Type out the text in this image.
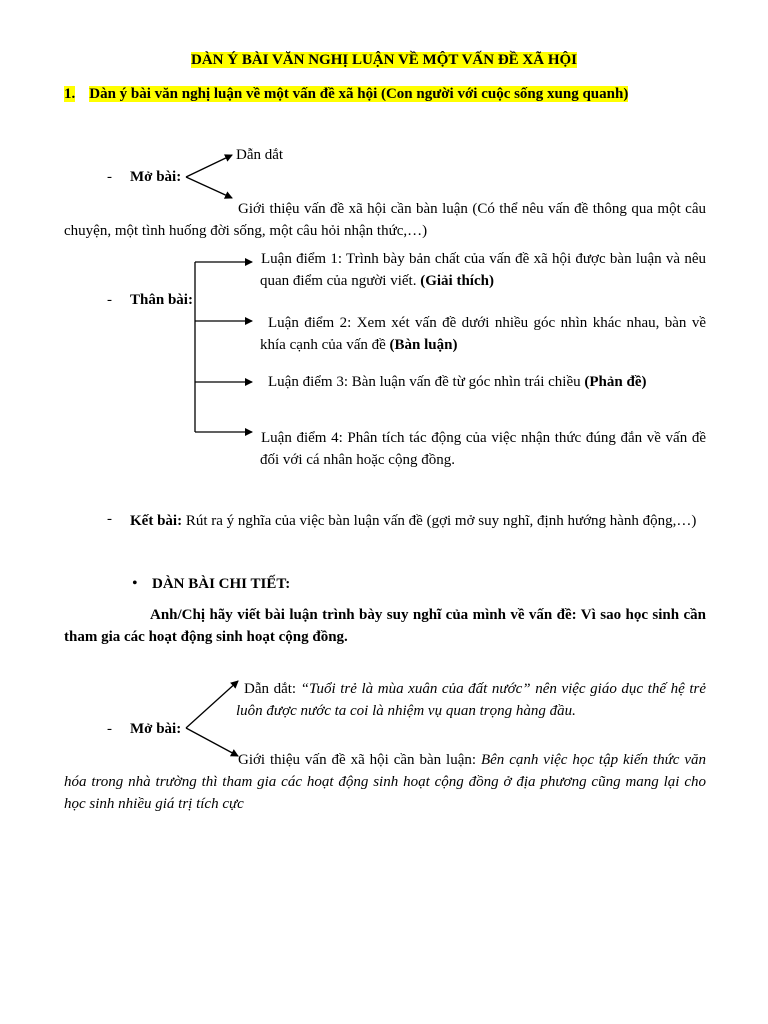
DÀN Ý BÀI VĂN NGHỊ LUẬN VỀ MỘT VẤN ĐỀ XÃ HỘI
1. Dàn ý bài văn nghị luận về một vấn đề xã hội (Con người với cuộc sống xung quanh)
- Mở bài:
Dẫn dắt
Giới thiệu vấn đề xã hội cần bàn luận (Có thể nêu vấn đề thông qua một câu chuyện, một tình huống đời sống, một câu hỏi nhận thức,…)
- Thân bài:
Luận điểm 1: Trình bày bản chất của vấn đề xã hội được bàn luận và nêu quan điểm của người viết. (Giải thích)
Luận điểm 2: Xem xét vấn đề dưới nhiều góc nhìn khác nhau, bàn về khía cạnh của vấn đề (Bàn luận)
Luận điểm 3: Bàn luận vấn đề từ góc nhìn trái chiều (Phản đề)
Luận điểm 4: Phân tích tác động của việc nhận thức đúng đắn về vấn đề đối với cá nhân hoặc cộng đồng.
- Kết bài: Rút ra ý nghĩa của việc bàn luận vấn đề (gợi mở suy nghĩ, định hướng hành động,…)
• DÀN BÀI CHI TIẾT:
Anh/Chị hãy viết bài luận trình bày suy nghĩ của mình về vấn đề: Vì sao học sinh cần tham gia các hoạt động sinh hoạt cộng đồng.
- Mở bài:
Dẫn dắt: “Tuổi trẻ là mùa xuân của đất nước” nên việc giáo dục thế hệ trẻ luôn được nước ta coi là nhiệm vụ quan trọng hàng đầu.
Giới thiệu vấn đề xã hội cần bàn luận: Bên cạnh việc học tập kiến thức văn hóa trong nhà trường thì tham gia các hoạt động sinh hoạt cộng đồng ở địa phương cũng mang lại cho học sinh nhiều giá trị tích cực
